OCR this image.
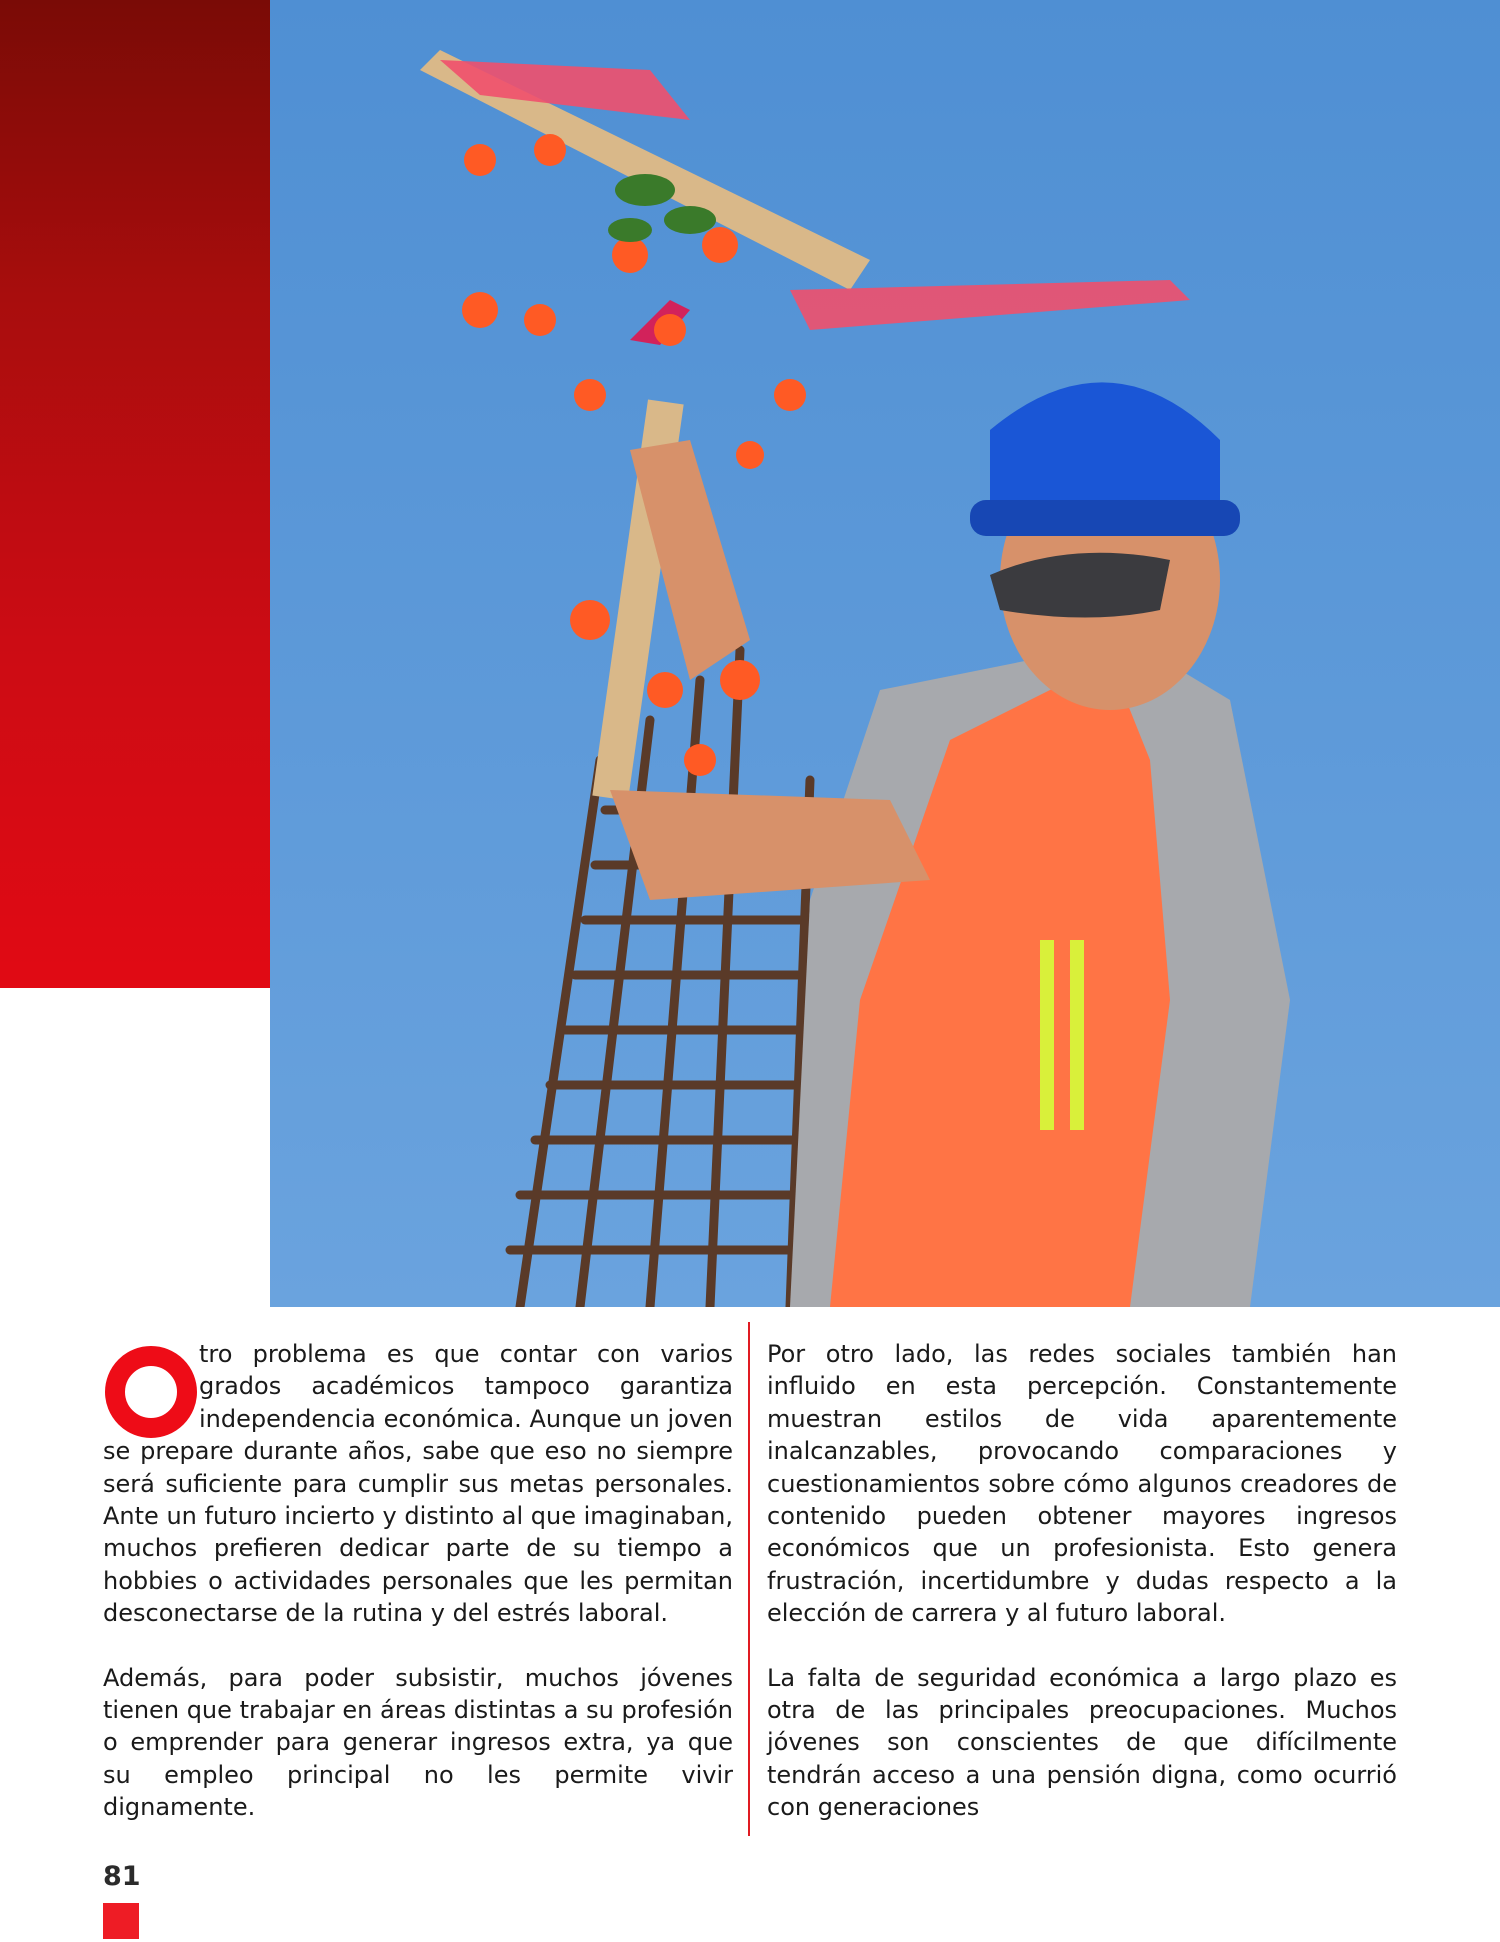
tro problema es que contar con varios grados académicos tampoco garantiza independencia económica. Aunque un joven se prepare durante años, sabe que eso no siempre será suficiente para cumplir sus metas personales. Ante un futuro incierto y distinto al que imaginaban, muchos prefieren dedicar parte de su tiempo a hobbies o actividades personales que les permitan desconectarse de la rutina y del estrés laboral.

Además, para poder subsistir, muchos jóvenes tienen que trabajar en áreas distintas a su profesión o emprender para generar ingresos extra, ya que su empleo principal no les permite vivir dignamente.

Por otro lado, las redes sociales también han influido en esta percepción. Constantemente muestran estilos de vida aparentemente inalcanzables, provocando comparaciones y cuestionamientos sobre cómo algunos creadores de contenido pueden obtener mayores ingresos económicos que un profesionista. Esto genera frustración, incertidumbre y dudas respecto a la elección de carrera y al futuro laboral.

La falta de seguridad económica a largo plazo es otra de las principales preocupaciones. Muchos jóvenes son conscientes de que difícilmente tendrán acceso a una pensión digna, como ocurrió con generaciones

81
